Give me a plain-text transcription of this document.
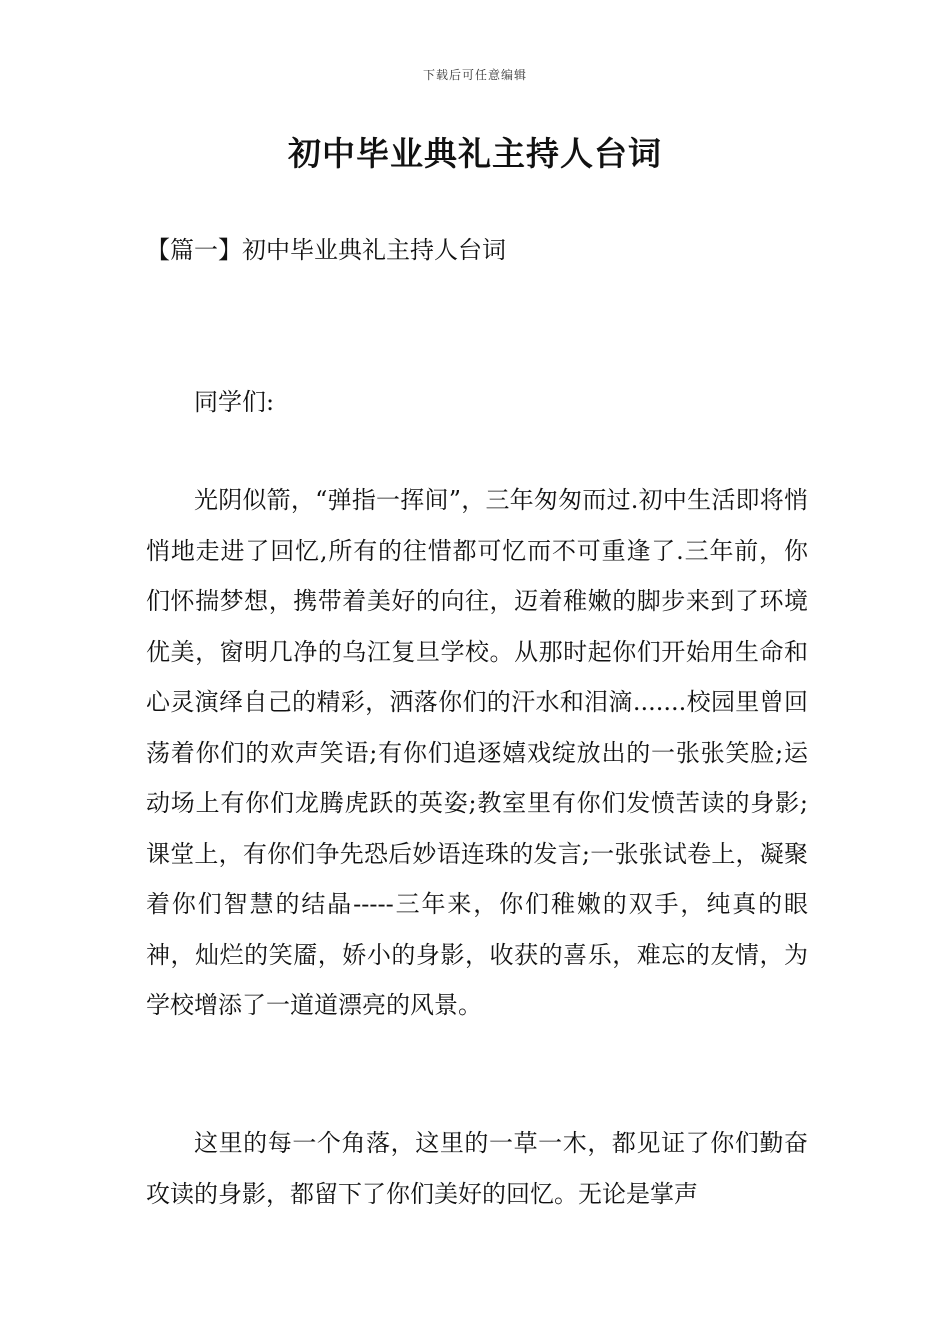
下载后可任意编辑
初中毕业典礼主持人台词
【篇一】初中毕业典礼主持人台词

同学们:

光阴似箭，“弹指一挥间”，三年匆匆而过.初中生活即将悄悄地走进了回忆,所有的往惜都可忆而不可重逢了.三年前，你们怀揣梦想，携带着美好的向往，迈着稚嫩的脚步来到了环境优美，窗明几净的乌江复旦学校。从那时起你们开始用生命和心灵演绎自己的精彩，洒落你们的汗水和泪滴.......校园里曾回荡着你们的欢声笑语;有你们追逐嬉戏绽放出的一张张笑脸;运动场上有你们龙腾虎跃的英姿;教室里有你们发愤苦读的身影;课堂上，有你们争先恐后妙语连珠的发言;一张张试卷上，凝聚着你们智慧的结晶-----三年来，你们稚嫩的双手，纯真的眼神，灿烂的笑靥，娇小的身影，收获的喜乐，难忘的友情，为学校增添了一道道漂亮的风景。

这里的每一个角落，这里的一草一木，都见证了你们勤奋攻读的身影，都留下了你们美好的回忆。无论是掌声
